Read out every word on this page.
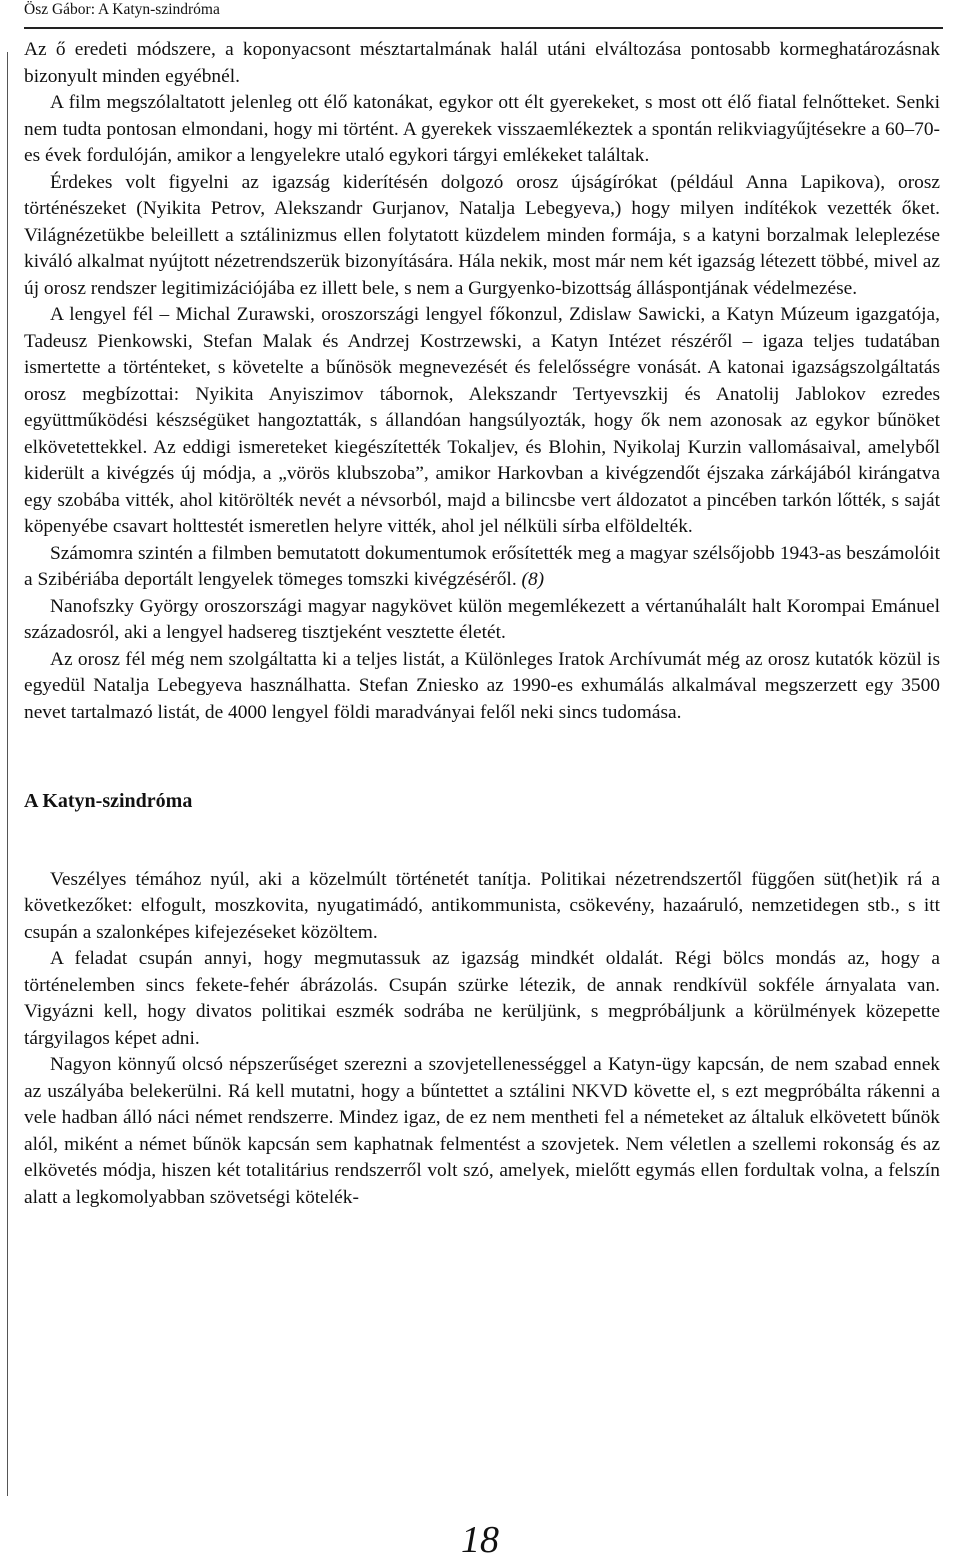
Ösz Gábor: A Katyn-szindróma

Az ő eredeti módszere, a koponyacsont mésztartalmának halál utáni elváltozása pontosabb kormeghatározásnak bizonyult minden egyébnél.

A film megszólaltatott jelenleg ott élő katonákat, egykor ott élt gyerekeket, s most ott élő fiatal felnőtteket. Senki nem tudta pontosan elmondani, hogy mi történt. A gyerekek visszaemlékeztek a spontán relikviagyűjtésekre a 60–70-es évek fordulóján, amikor a lengyelekre utaló egykori tárgyi emlékeket találtak.

Érdekes volt figyelni az igazság kiderítésén dolgozó orosz újságírókat (például Anna Lapikova), orosz történészeket (Nyikita Petrov, Alekszandr Gurjanov, Natalja Lebegyeva,) hogy milyen indítékok vezették őket. Világnézetükbe beleillett a sztálinizmus ellen folytatott küzdelem minden formája, s a katyni borzalmak leleplezése kiváló alkalmat nyújtott nézetrendszerük bizonyítására. Hála nekik, most már nem két igazság létezett többé, mivel az új orosz rendszer legitimizációjába ez illett bele, s nem a Gurgyenko-bizottság álláspontjának védelmezése.

A lengyel fél – Michal Zurawski, oroszországi lengyel főkonzul, Zdislaw Sawicki, a Katyn Múzeum igazgatója, Tadeusz Pienkowski, Stefan Malak és Andrzej Kostrzewski, a Katyn Intézet részéről – igaza teljes tudatában ismertette a történteket, s követelte a bűnösök megnevezését és felelősségre vonását. A katonai igazságszolgáltatás orosz megbízottai: Nyikita Anyiszimov tábornok, Alekszandr Tertyevszkij és Anatolij Jablokov ezredes együttműködési készségüket hangoztatták, s állandóan hangsúlyozták, hogy ők nem azonosak az egykor bűnöket elkövetettekkel. Az eddigi ismereteket kiegészítették Tokaljev, és Blohin, Nyikolaj Kurzin vallomásaival, amelyből kiderült a kivégzés új módja, a „vörös klubszoba”, amikor Harkovban a kivégzendőt éjszaka zárkájából kirángatva egy szobába vitték, ahol kitörölték nevét a névsorból, majd a bilincsbe vert áldozatot a pincében tarkón lőtték, s saját köpenyébe csavart holttestét ismeretlen helyre vitték, ahol jel nélküli sírba elföldelték.

Számomra szintén a filmben bemutatott dokumentumok erősítették meg a magyar szélsőjobb 1943-as beszámolóit a Szibériába deportált lengyelek tömeges tomszki kivégzéséről. (8)

Nanofszky György oroszországi magyar nagykövet külön megemlékezett a vértanúhalált halt Korompai Emánuel századosról, aki a lengyel hadsereg tisztjeként vesztette életét.

Az orosz fél még nem szolgáltatta ki a teljes listát, a Különleges Iratok Archívumát még az orosz kutatók közül is egyedül Natalja Lebegyeva használhatta. Stefan Zniesko az 1990-es exhumálás alkalmával megszerzett egy 3500 nevet tartalmazó listát, de 4000 lengyel földi maradványai felől neki sincs tudomása.

A Katyn-szindróma

Veszélyes témához nyúl, aki a közelmúlt történetét tanítja. Politikai nézetrendszertől függően süt(het)ik rá a következőket: elfogult, moszkovita, nyugatimádó, antikommunista, csökevény, hazaáruló, nemzetidegen stb., s itt csupán a szalonképes kifejezéseket közöltem.

A feladat csupán annyi, hogy megmutassuk az igazság mindkét oldalát. Régi bölcs mondás az, hogy a történelemben sincs fekete-fehér ábrázolás. Csupán szürke létezik, de annak rendkívül sokféle árnyalata van. Vigyázni kell, hogy divatos politikai eszmék sodrába ne kerüljünk, s megpróbáljunk a körülmények közepette tárgyilagos képet adni.

Nagyon könnyű olcsó népszerűséget szerezni a szovjetellenességgel a Katyn-ügy kapcsán, de nem szabad ennek az uszályába belekerülni. Rá kell mutatni, hogy a bűntettet a sztálini NKVD követte el, s ezt megpróbálta rákenni a vele hadban álló náci német rendszerre. Mindez igaz, de ez nem mentheti fel a németeket az általuk elkövetett bűnök alól, miként a német bűnök kapcsán sem kaphatnak felmentést a szovjetek. Nem véletlen a szellemi rokonság és az elkövetés módja, hiszen két totalitárius rendszerről volt szó, amelyek, mielőtt egymás ellen fordultak volna, a felszín alatt a legkomolyabban szövetségi kötelék-

18
